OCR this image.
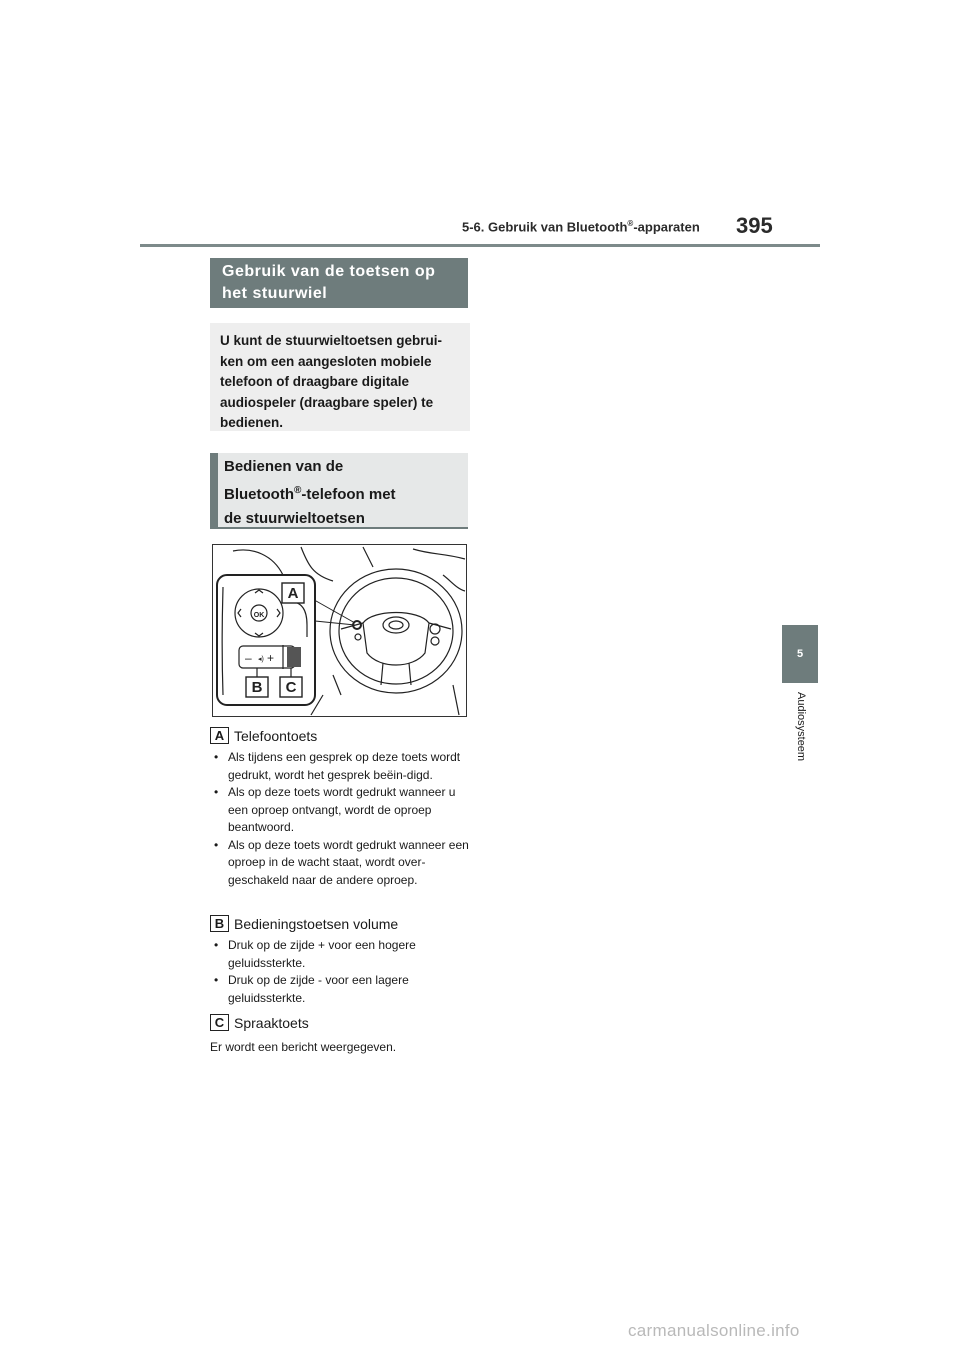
5-6. Gebruik van Bluetooth®-apparaten 395
Gebruik van de toetsen op het stuurwiel
U kunt de stuurwieltoetsen gebrui-ken om een aangesloten mobiele telefoon of draagbare digitale audiospeler (draagbare speler) te bedienen.
Bedienen van de
Bluetooth®-telefoon met
de stuurwieltoetsen
OK
– +
◂)
A
B C
A Telefoontoets

• Als tijdens een gesprek op deze toets wordt gedrukt, wordt het gesprek beëin-digd.

• Als op deze toets wordt gedrukt wanneer u een oproep ontvangt, wordt de oproep beantwoord.

• Als op deze toets wordt gedrukt wanneer een oproep in de wacht staat, wordt over-geschakeld naar de andere oproep.

B Bedieningstoetsen volume

• Druk op de zijde + voor een hogere geluidssterkte.

• Druk op de zijde - voor een lagere geluidssterkte.

C Spraaktoets
Er wordt een bericht weergegeven.
5
Audiosysteem
carmanualsonline.info
